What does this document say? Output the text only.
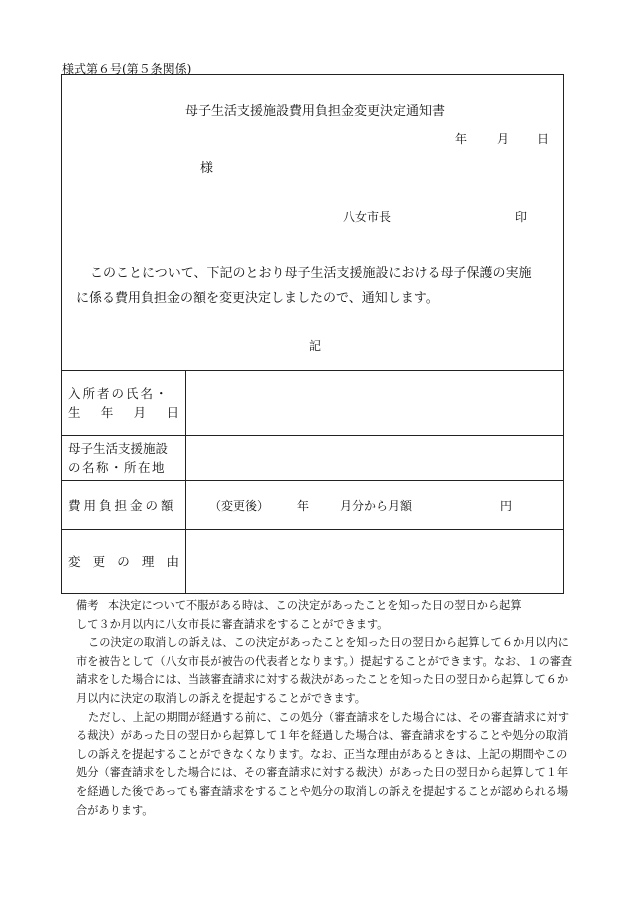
様式第６号(第５条関係)
母子生活支援施設費用負担金変更決定通知書
年 月 日
様
八女市長	印
このことについて、下記のとおり母子生活支援施設における母子保護の実施
に係る費用負担金の額を変更決定しましたので、通知します。
記
入所者の氏名・
生 年 月 日
母子生活支援施設
の名称・所在地
費用負担金の額	（変更後） 年	月分から月額	円
変 更 の 理 由

備考 本決定について不服がある時は、この決定があったことを知った日の翌日から起算

して３か月以内に八女市長に審査請求をすることができます。

この決定の取消しの訴えは、この決定があったことを知った日の翌日から起算して６か月以内に市を被告として（八女市長が被告の代表者となります。）提起することができます。なお、１の審査請求をした場合には、当該審査請求に対する裁決があったことを知った日の翌日から起算して６か月以内に決定の取消しの訴えを提起することができます。

ただし、上記の期間が経過する前に、この処分（審査請求をした場合には、その審査請求に対する裁決）があった日の翌日から起算して１年を経過した場合は、審査請求をすることや処分の取消しの訴えを提起することができなくなります。なお、正当な理由があるときは、上記の期間やこの処分（審査請求をした場合には、その審査請求に対する裁決）があった日の翌日から起算して１年を経過した後であっても審査請求をすることや処分の取消しの訴えを提起することが認められる場合があります。
